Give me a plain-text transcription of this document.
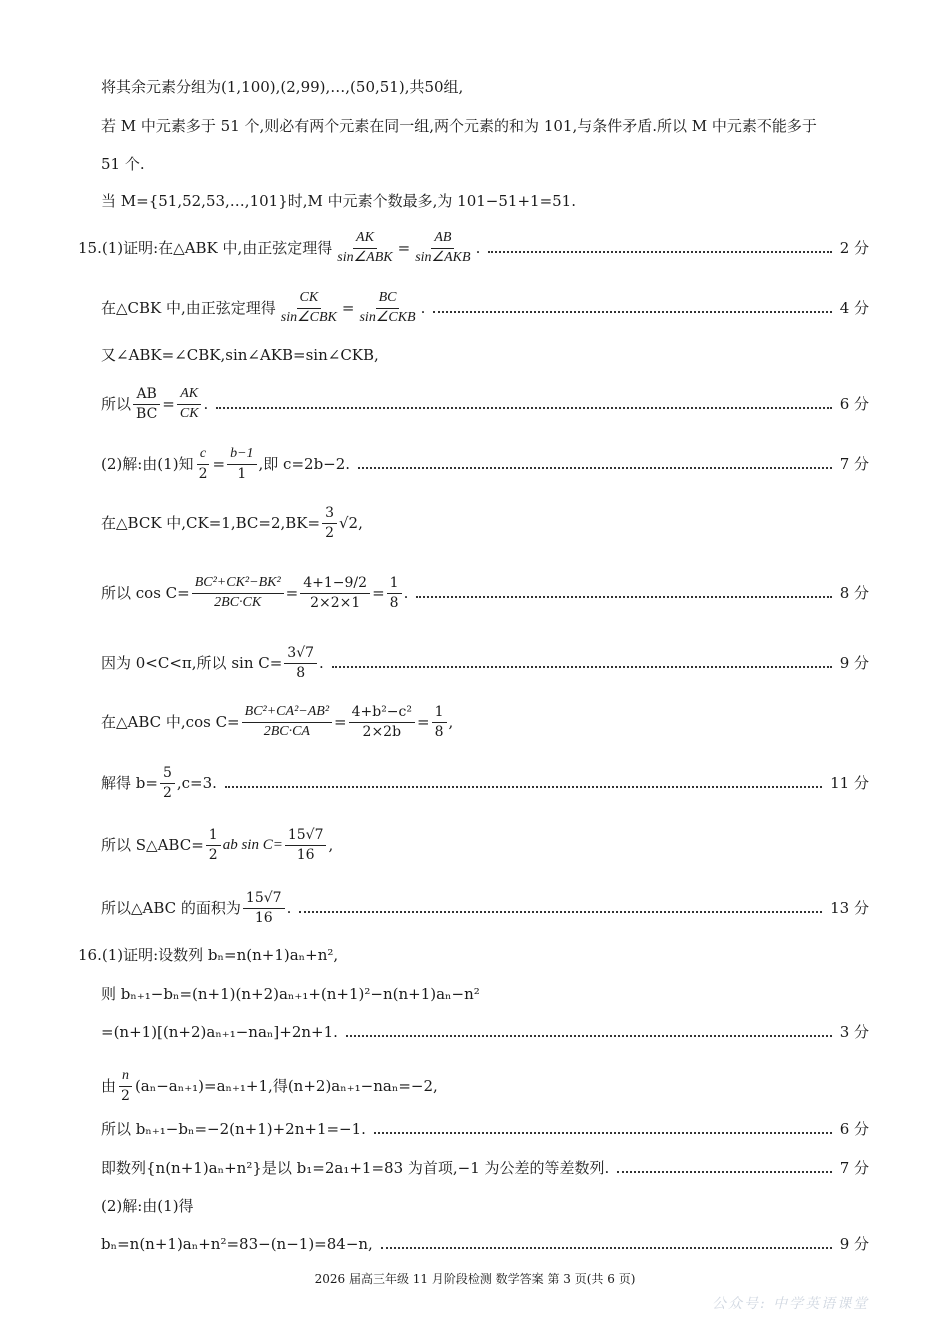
将其余元素分组为(1,100),(2,99),…,(50,51),共50组,
若 M 中元素多于 51 个,则必有两个元素在同一组,两个元素的和为 101,与条件矛盾.所以 M 中元素不能多于
51 个.
当 M={51,52,53,…,101}时,M 中元素个数最多,为 101−51+1=51.
15.(1)证明:在△ABK 中,由正弦定理得 $\frac{AK}{\text{sin∠ABK}} = \frac{AB}{\text{sin∠AKB}}$ .	2 分
在△CBK 中,由正弦定理得 $\frac{CK}{\text{sin∠CBK}} = \frac{BC}{\text{sin∠CKB}}$ .	4 分
又∠ABK=∠CBK,sin∠AKB=sin∠CKB,
所以 $\frac{AB}{BC} = \frac{AK}{CK}$ .	6 分
(2)解:由(1)知 $\frac{c}{2} = \frac{b-1}{1}$ ,即 c=2b−2.	7 分
在△BCK 中$,CK=1,BC=2,BK= \frac{3}{2} √2$,
所以 $\cos C= \frac{\text{BC²+CK²−BK²}}{2BC\cdot CK} = \frac{4+1-9/2}{2\times 2\times 1} = \frac{1}{8}$ .	8 分
因为 0<C<π,所以 $\sin C= \frac{3√7}{8}$ .	9 分
在△ABC 中,cos $C= \frac{\text{BC²+CA²−AB²}}{2BC\cdot CA} = \frac{\text{4+b²−c²}}{2\times 2b} = \frac{1}{8}$ ,
解得 $b= \frac{5}{2} ,c=3$.	11 分
所以 S△ABC= $\frac{1}{2}$ ab $\sin C= \frac{15√7}{16}$ ,
所以△ABC 的面积为 $\frac{15√7}{16}$ .	13 分
16.(1)证明:设数列 bₙ=n(n+1)aₙ+n²,
则 bₙ₊₁−bₙ=(n+1)(n+2)aₙ₊₁+(n+1)²−n(n+1)aₙ−n²
=(n+1)[(n+2)aₙ₊₁−naₙ]+2n+1.	3 分
由 $\frac{n}{2} (a_n-a_{n+1})=a_{n+1}+1$,得(n+2)aₙ₊₁−naₙ=−2,
所以 bₙ₊₁−bₙ=−2(n+1)+2n+1=−1.	6 分
即数列{n(n+1)aₙ+n²}是以 b₁=2a₁+1=83 为首项,−1 为公差的等差数列.	7 分
(2)解:由(1)得
bₙ=n(n+1)aₙ+n²=83−(n−1)=84−n,	9 分
2026 届高三年级 11 月阶段检测 数学答案 第 3 页(共 6 页)
公众号: 中学英语课堂
